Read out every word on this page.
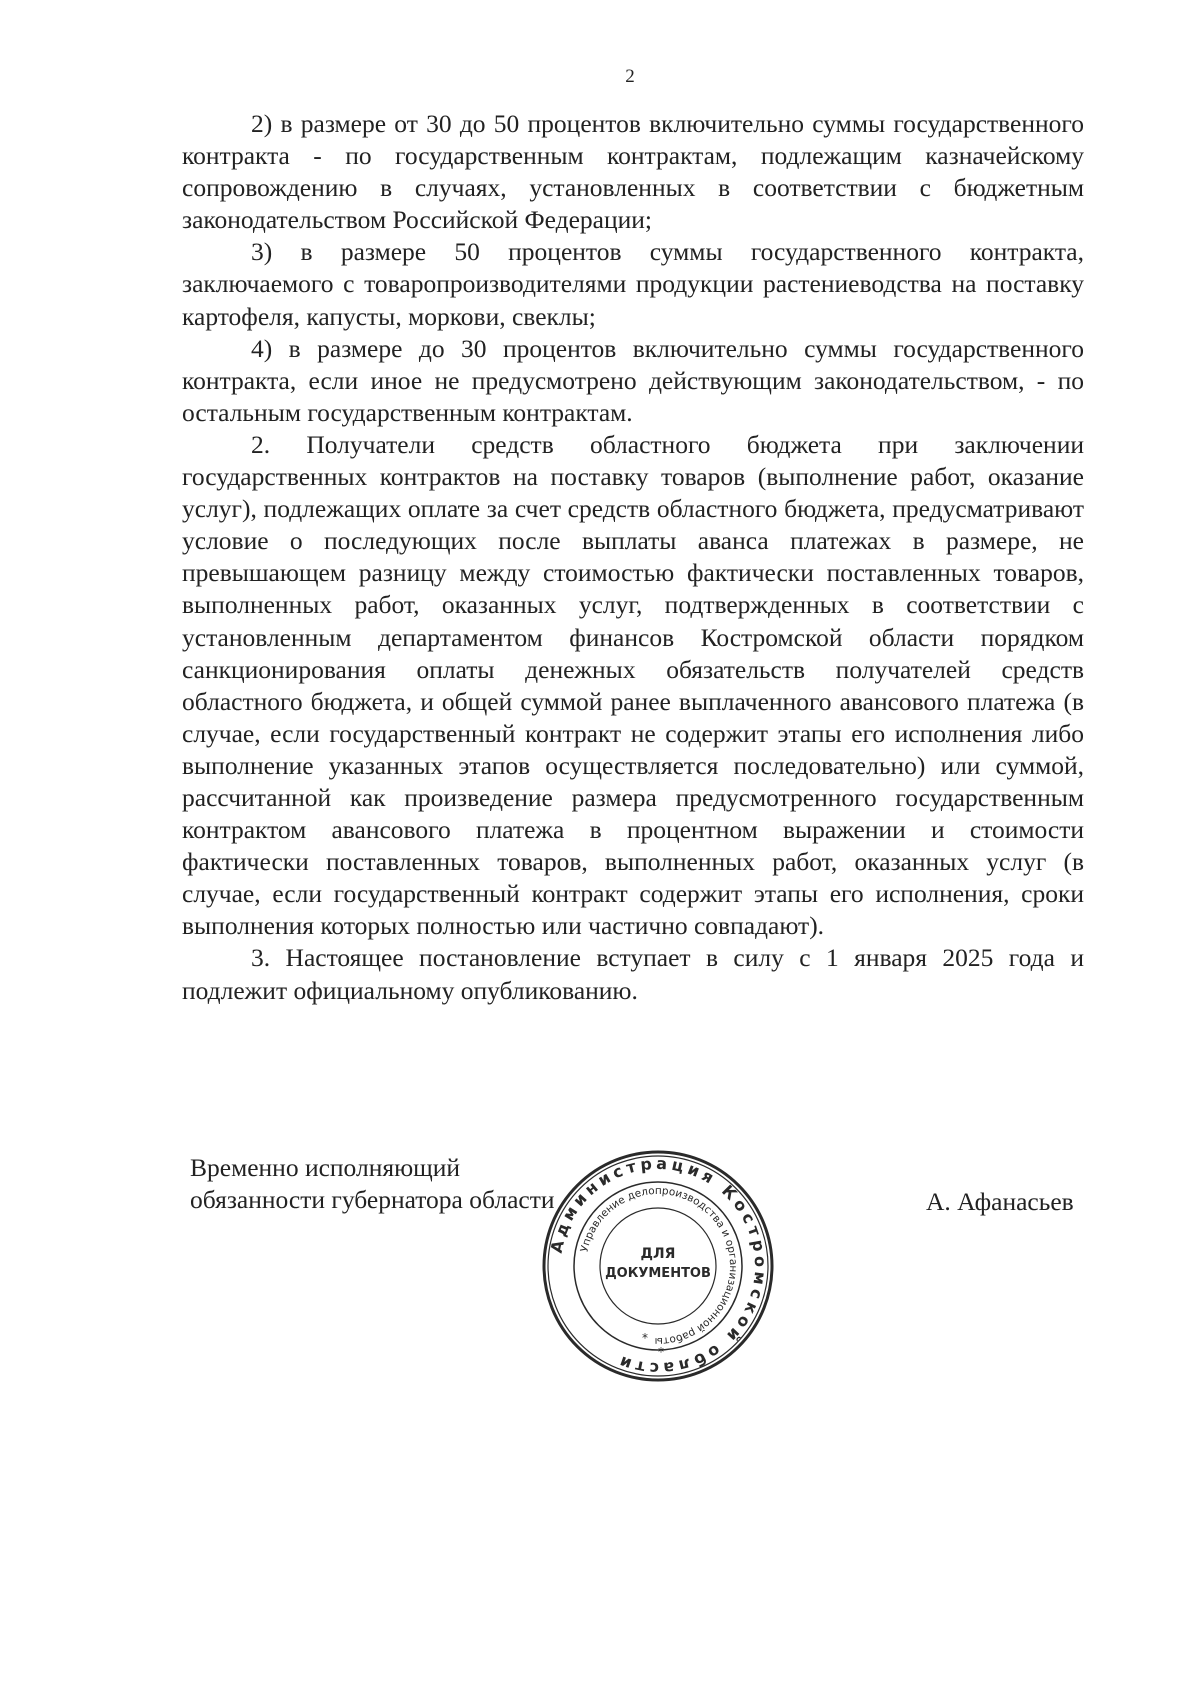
2

2) в размере от 30 до 50 процентов включительно суммы государственного контракта - по государственным контрактам, подлежащим казначейскому сопровождению в случаях, установленных в соответствии с бюджетным законодательством Российской Федерации;

3) в размере 50 процентов суммы государственного контракта, заключаемого с товаропроизводителями продукции растениеводства на поставку картофеля, капусты, моркови, свеклы;

4) в размере до 30 процентов включительно суммы государственного контракта, если иное не предусмотрено действующим законодательством, - по остальным государственным контрактам.

2. Получатели средств областного бюджета при заключении государственных контрактов на поставку товаров (выполнение работ, оказание услуг), подлежащих оплате за счет средств областного бюджета, предусматривают условие о последующих после выплаты аванса платежах в размере, не превышающем разницу между стоимостью фактически поставленных товаров, выполненных работ, оказанных услуг, подтвержденных в соответствии с установленным департаментом финансов Костромской области порядком санкционирования оплаты денежных обязательств получателей средств областного бюджета, и общей суммой ранее выплаченного авансового платежа (в случае, если государственный контракт не содержит этапы его исполнения либо выполнение указанных этапов осуществляется последовательно) или суммой, рассчитанной как произведение размера предусмотренного государственным контрактом авансового платежа в процентном выражении и стоимости фактически поставленных товаров, выполненных работ, оказанных услуг (в случае, если государственный контракт содержит этапы его исполнения, сроки выполнения которых полностью или частично совпадают).

3. Настоящее постановление вступает в силу с 1 января 2025 года и подлежит официальному опубликованию.

Временно исполняющий
обязанности губернатора области	А. Афанасьев
Администрация Костромской области
Управление делопроизводства и организационной работы
ДЛЯ
ДОКУМЕНТОВ
*
*
